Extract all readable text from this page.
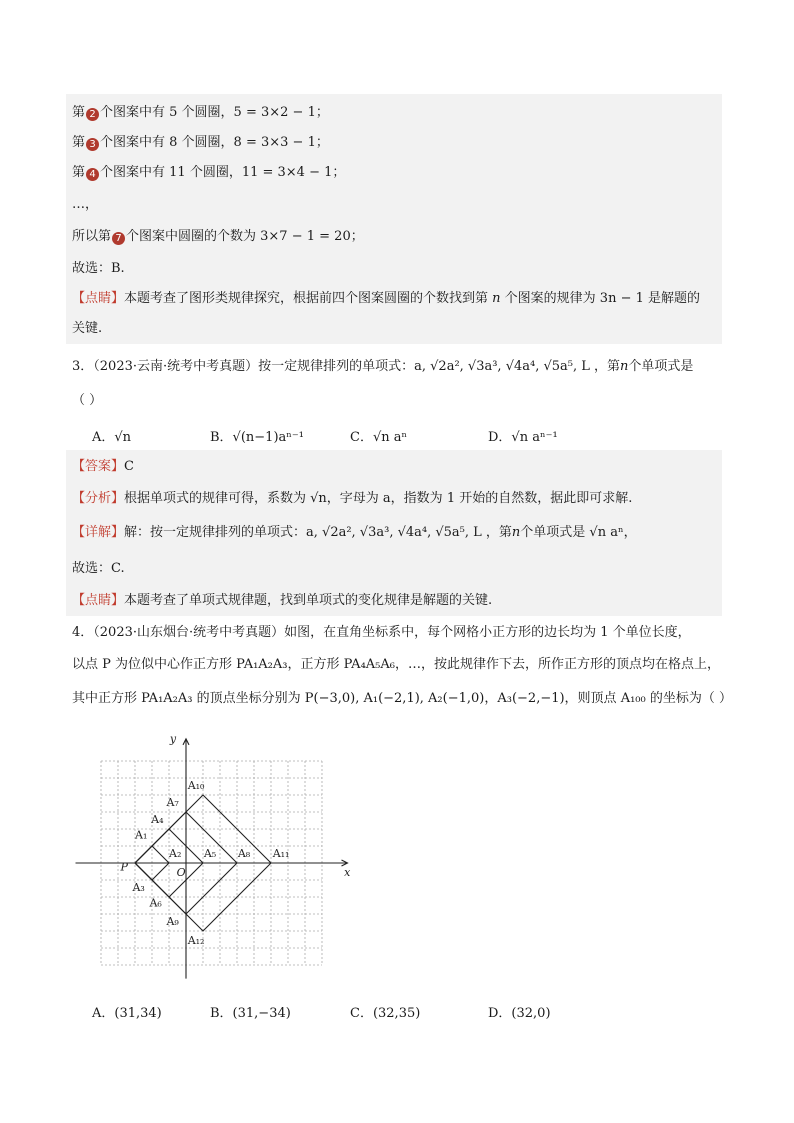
第 2 个图案中有 5 个圆圈，5 = 3×2 − 1；
第 3 个图案中有 8 个圆圈，8 = 3×3 − 1；
第 4 个图案中有 11 个圆圈，11 = 3×4 − 1；
…，
所以第 7 个图案中圆圈的个数为 3×7 − 1 = 20；
故选：B.
【点睛】本题考查了图形类规律探究，根据前四个图案圆圈的个数找到第 n 个图案的规律为 3n − 1 是解题的
关键.
3．（2023·云南·统考中考真题）按一定规律排列的单项式：a, √2a², √3a³, √4a⁴, √5a⁵, L ，第n个单项式是
（ ）
A．√n	B．√(n−1)aⁿ⁻¹	C．√n aⁿ	D．√n aⁿ⁻¹
【答案】C
【分析】根据单项式的规律可得，系数为 √n，字母为 a，指数为 1 开始的自然数，据此即可求解.
【详解】解：按一定规律排列的单项式：a, √2a², √3a³, √4a⁴, √5a⁵, L ，第n个单项式是 √n aⁿ，
故选：C.
【点睛】本题考查了单项式规律题，找到单项式的变化规律是解题的关键.
4．（2023·山东烟台·统考中考真题）如图，在直角坐标系中，每个网格小正方形的边长均为 1 个单位长度，
以点 P 为位似中心作正方形 PA₁A₂A₃，正方形 PA₄A₅A₆，…，按此规律作下去，所作正方形的顶点均在格点上，
其中正方形 PA₁A₂A₃ 的顶点坐标分别为 P(−3,0), A₁(−2,1), A₂(−1,0)，A₃(−2,−1)，则顶点 A₁₀₀ 的坐标为（ ）
y
x
O
P
A₁
A₂
A₃
A₄
A₅
A₆
A₇
A₈
A₉
A₁₀
A₁₁
A₁₂
A．(31,34)	B．(31,−34)	C．(32,35)	D．(32,0)
